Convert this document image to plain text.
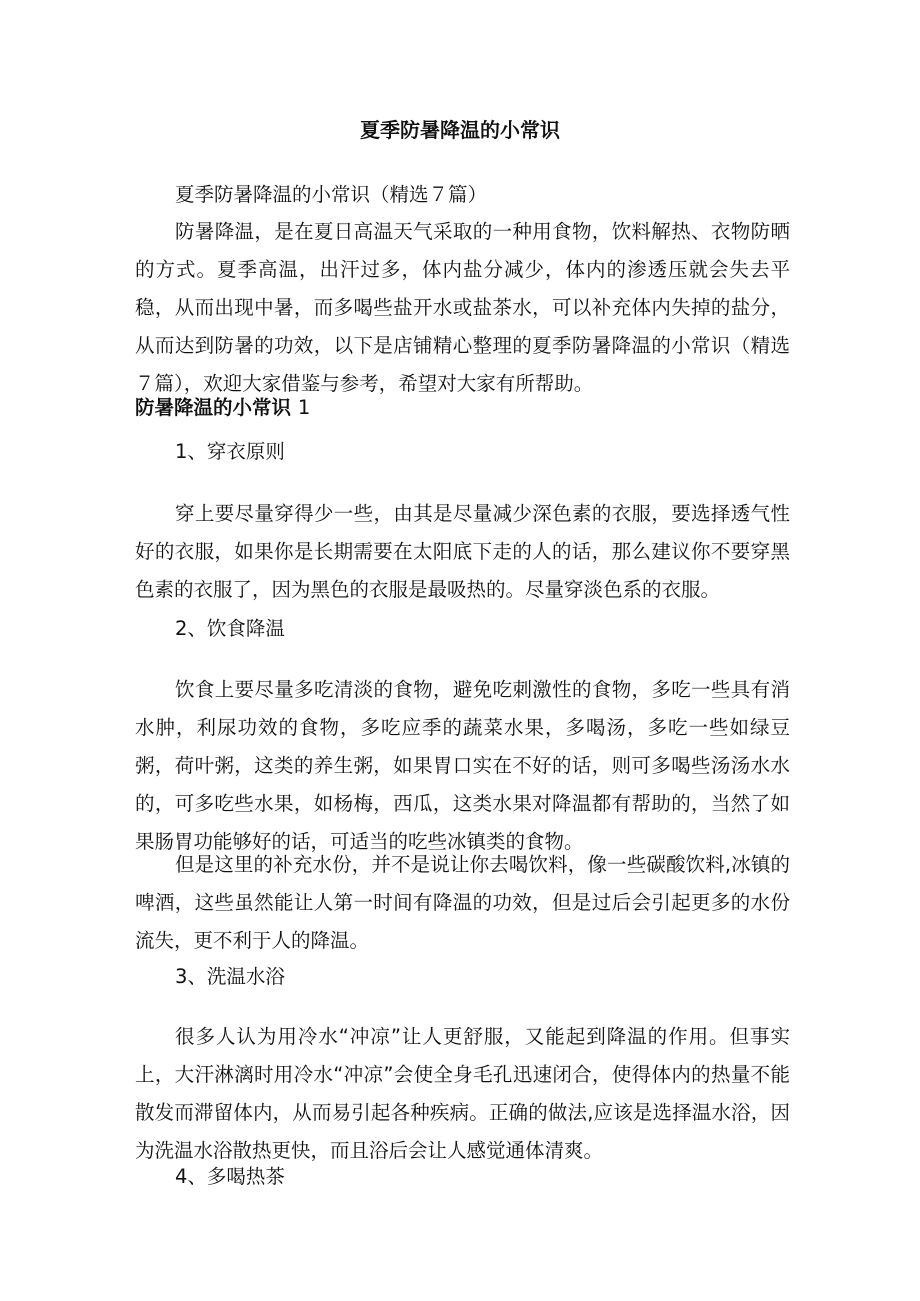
夏季防暑降温的小常识

夏季防暑降温的小常识（精选７篇）

防暑降温，是在夏日高温天气采取的一种用食物，饮料解热、衣物防晒的方式。夏季高温，出汗过多，体内盐分减少，体内的渗透压就会失去平稳，从而出现中暑，而多喝些盐开水或盐茶水，可以补充体内失掉的盐分，从而达到防暑的功效，以下是店铺精心整理的夏季防暑降温的小常识（精选７篇），欢迎大家借鉴与参考，希望对大家有所帮助。

防暑降温的小常识 1

1、穿衣原则

穿上要尽量穿得少一些，由其是尽量减少深色素的衣服，要选择透气性好的衣服，如果你是长期需要在太阳底下走的人的话，那么建议你不要穿黑色素的衣服了，因为黑色的衣服是最吸热的。尽量穿淡色系的衣服。

2、饮食降温

饮食上要尽量多吃清淡的食物，避免吃刺激性的食物，多吃一些具有消水肿，利尿功效的食物，多吃应季的蔬菜水果，多喝汤，多吃一些如绿豆粥，荷叶粥，这类的养生粥，如果胃口实在不好的话，则可多喝些汤汤水水的，可多吃些水果，如杨梅，西瓜，这类水果对降温都有帮助的，当然了如果肠胃功能够好的话，可适当的吃些冰镇类的食物。

但是这里的补充水份，并不是说让你去喝饮料，像一些碳酸饮料,冰镇的啤酒，这些虽然能让人第一时间有降温的功效，但是过后会引起更多的水份流失，更不利于人的降温。

3、洗温水浴

很多人认为用冷水“冲凉”让人更舒服，又能起到降温的作用。但事实上，大汗淋漓时用冷水“冲凉”会使全身毛孔迅速闭合，使得体内的热量不能散发而滞留体内，从而易引起各种疾病。正确的做法,应该是选择温水浴，因为洗温水浴散热更快，而且浴后会让人感觉通体清爽。

4、多喝热茶
